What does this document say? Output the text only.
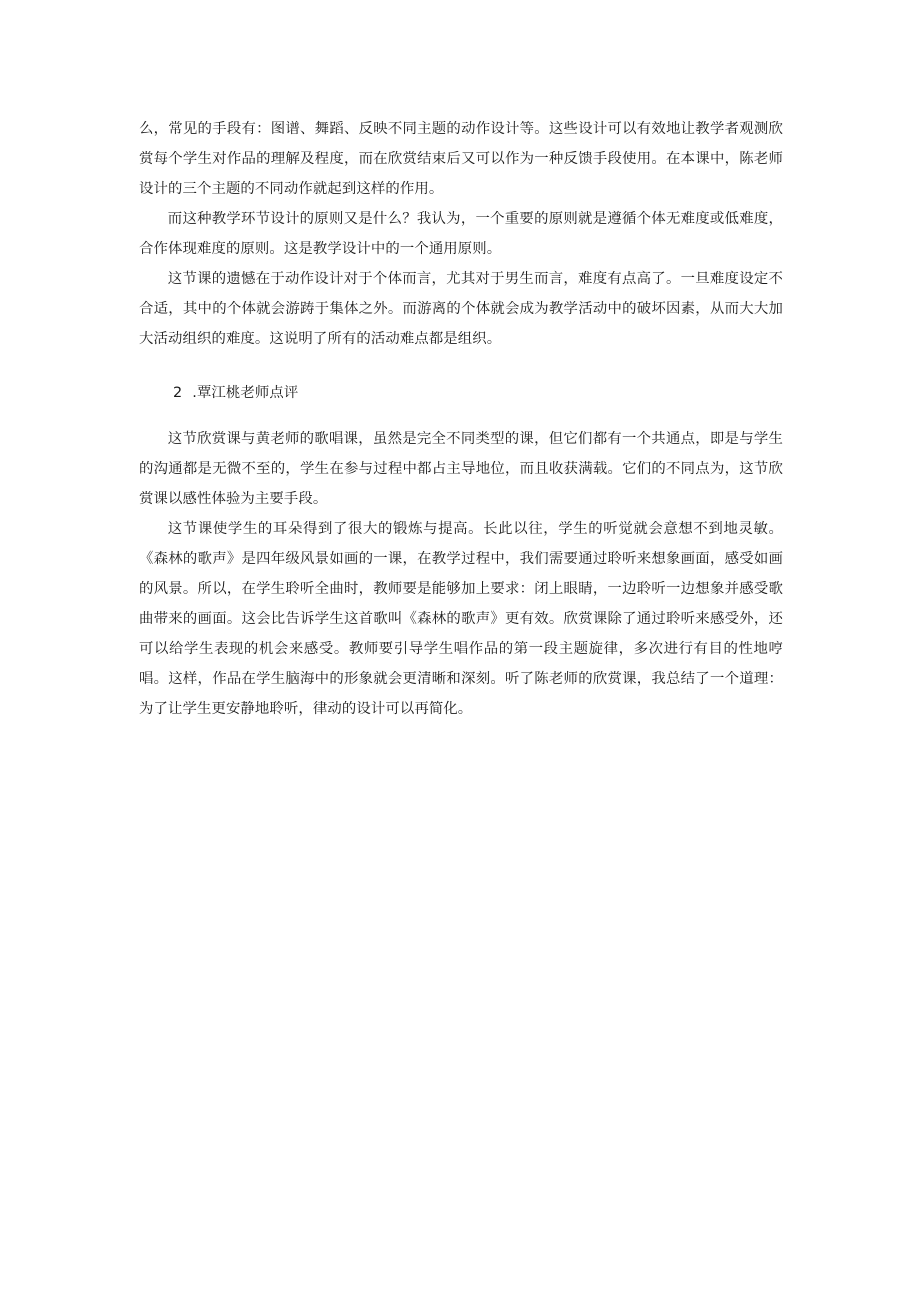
么，常见的手段有：图谱、舞蹈、反映不同主题的动作设计等。这些设计可以有效地让教学者观测欣赏每个学生对作品的理解及程度，而在欣赏结束后又可以作为一种反馈手段使用。在本课中，陈老师设计的三个主题的不同动作就起到这样的作用。

而这种教学环节设计的原则又是什么？我认为，一个重要的原则就是遵循个体无难度或低难度，合作体现难度的原则。这是教学设计中的一个通用原则。

这节课的遗憾在于动作设计对于个体而言，尤其对于男生而言，难度有点高了。一旦难度设定不合适，其中的个体就会游踌于集体之外。而游离的个体就会成为教学活动中的破坏因素，从而大大加大活动组织的难度。这说明了所有的活动难点都是组织。

2 .覃江桃老师点评

这节欣赏课与黄老师的歌唱课，虽然是完全不同类型的课，但它们都有一个共通点，即是与学生的沟通都是无微不至的，学生在参与过程中都占主导地位，而且收获满载。它们的不同点为，这节欣赏课以感性体验为主要手段。

这节课使学生的耳朵得到了很大的锻炼与提高。长此以往，学生的听觉就会意想不到地灵敏。《森林的歌声》是四年级风景如画的一课，在教学过程中，我们需要通过聆听来想象画面，感受如画的风景。所以，在学生聆听全曲时，教师要是能够加上要求：闭上眼睛，一边聆听一边想象并感受歌曲带来的画面。这会比告诉学生这首歌叫《森林的歌声》更有效。欣赏课除了通过聆听来感受外，还可以给学生表现的机会来感受。教师要引导学生唱作品的第一段主题旋律，多次进行有目的性地哼唱。这样，作品在学生脑海中的形象就会更清晰和深刻。听了陈老师的欣赏课，我总结了一个道理：为了让学生更安静地聆听，律动的设计可以再简化。
